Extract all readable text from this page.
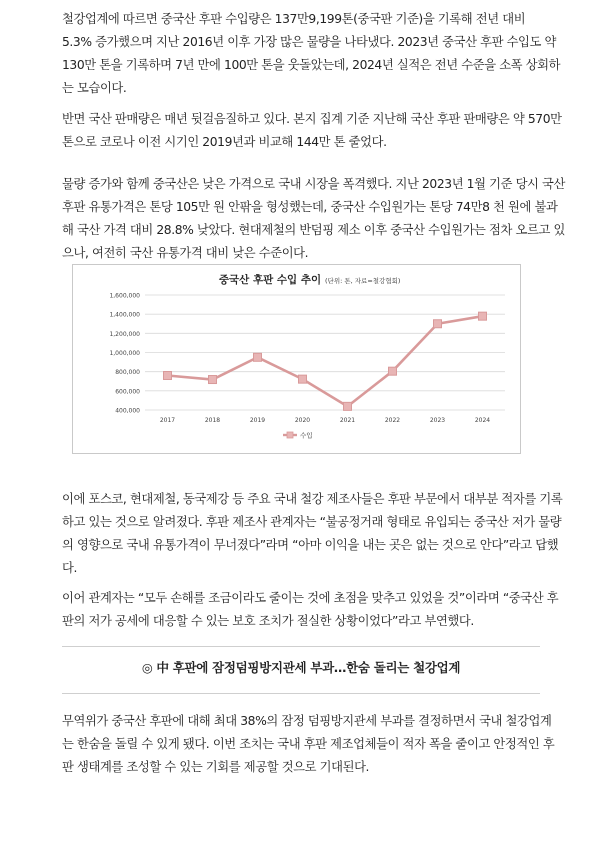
철강업계에 따르면 중국산 후판 수입량은 137만9,199톤(중국판 기준)을 기록해 전년 대비
5.3% 증가했으며 지난 2016년 이후 가장 많은 물량을 나타냈다. 2023년 중국산 후판 수입도 약
130만 톤을 기록하며 7년 만에 100만 톤을 웃돌았는데, 2024년 실적은 전년 수준을 소폭 상회하
는 모습이다.
반면 국산 판매량은 매년 뒷걸음질하고 있다. 본지 집계 기준 지난해 국산 후판 판매량은 약 570만
톤으로 코로나 이전 시기인 2019년과 비교해 144만 톤 줄었다.
물량 증가와 함께 중국산은 낮은 가격으로 국내 시장을 폭격했다. 지난 2023년 1월 기준 당시 국산
후판 유통가격은 톤당 105만 원 안팎을 형성했는데, 중국산 수입원가는 톤당 74만8 천 원에 불과
해 국산 가격 대비 28.8% 낮았다. 현대제철의 반덤핑 제소 이후 중국산 수입원가는 점차 오르고 있
으나, 여전히 국산 유통가격 대비 낮은 수준이다.
중국산 후판 수입 추이 (단위: 톤, 자료=철강협회)
400,000
600,000
800,000
1,000,000
1,200,000
1,400,000
1,600,000
2017	2018	2019	2020	2021	2022	2023	2024
수입
이에 포스코, 현대제철, 동국제강 등 주요 국내 철강 제조사들은 후판 부문에서 대부분 적자를 기록
하고 있는 것으로 알려졌다. 후판 제조사 관계자는 “불공정거래 형태로 유입되는 중국산 저가 물량
의 영향으로 국내 유통가격이 무너졌다”라며 “아마 이익을 내는 곳은 없는 것으로 안다”라고 답했
다.
이어 관계자는 “모두 손해를 조금이라도 줄이는 것에 초점을 맞추고 있었을 것”이라며 “중국산 후
판의 저가 공세에 대응할 수 있는 보호 조치가 절실한 상황이었다”라고 부연했다.
◎ 中 후판에 잠정덤핑방지관세 부과…한숨 돌리는 철강업계
무역위가 중국산 후판에 대해 최대 38%의 잠정 덤핑방지관세 부과를 결정하면서 국내 철강업계
는 한숨을 돌릴 수 있게 됐다. 이번 조치는 국내 후판 제조업체들이 적자 폭을 줄이고 안정적인 후
판 생태계를 조성할 수 있는 기회를 제공할 것으로 기대된다.
